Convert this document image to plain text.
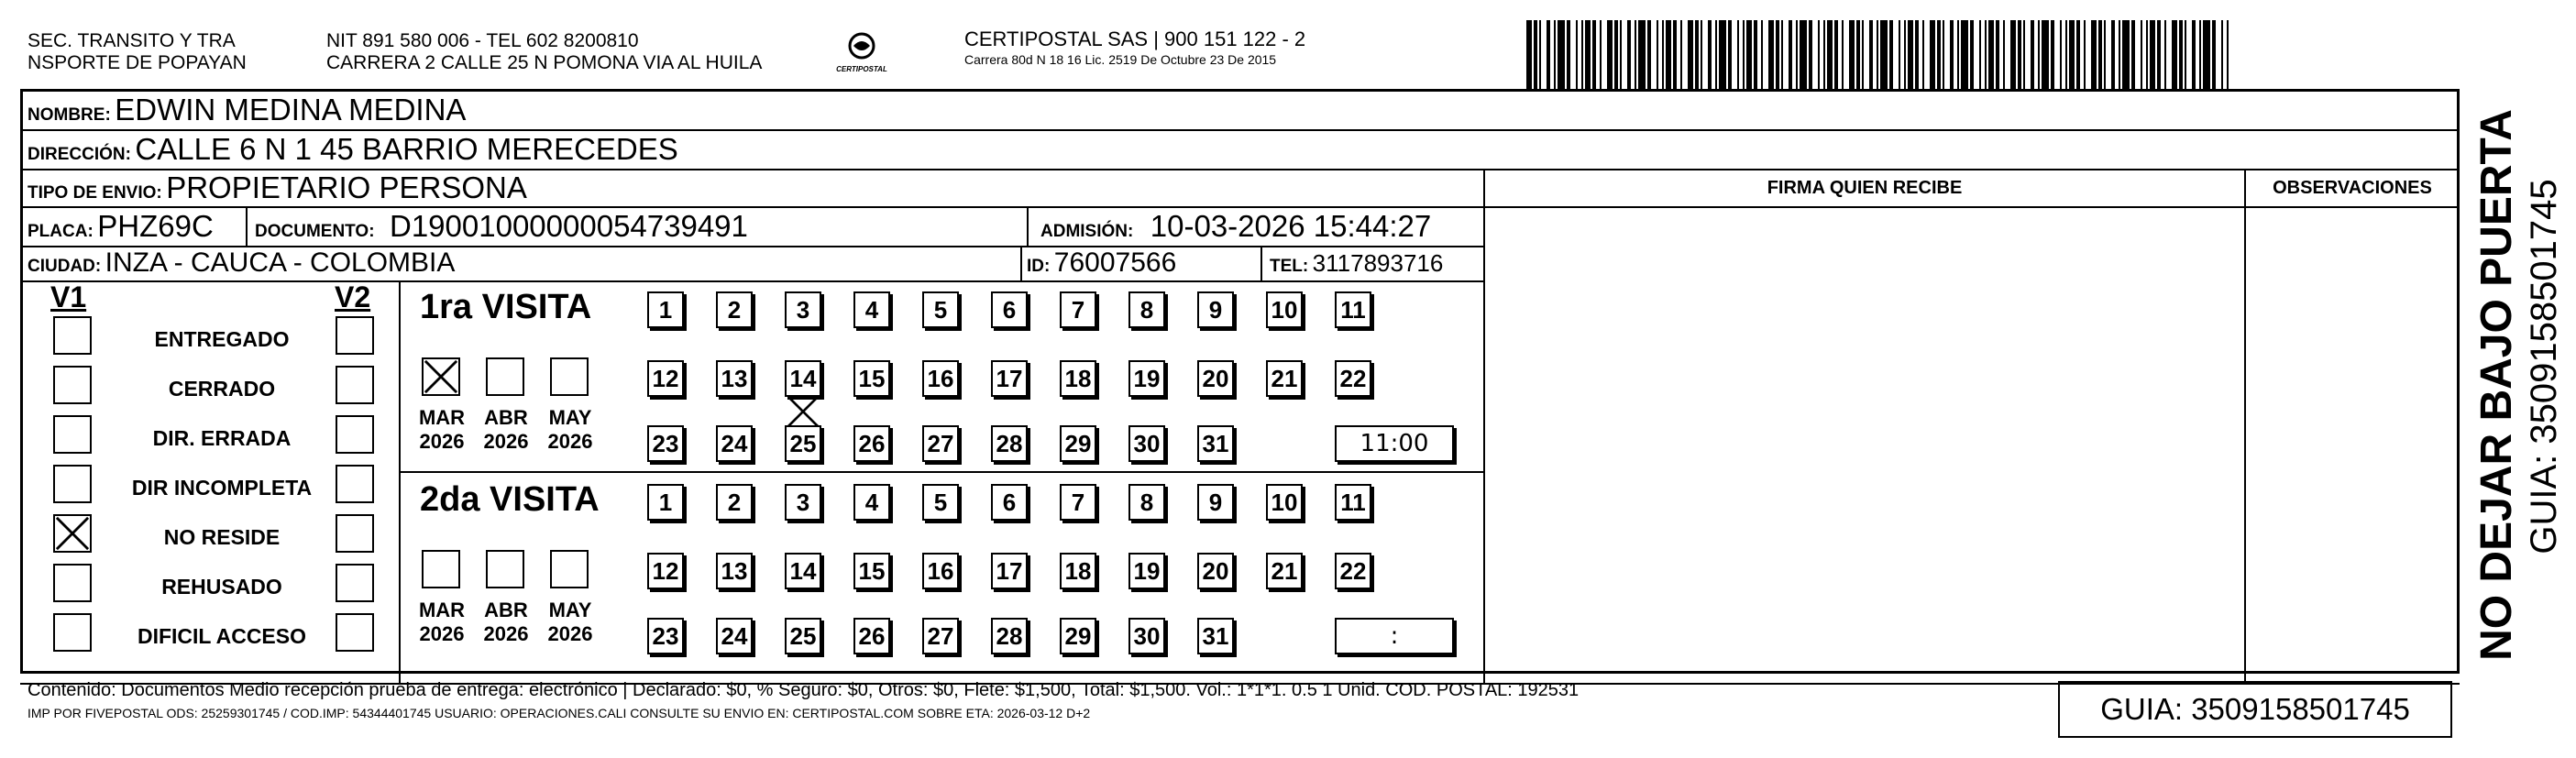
SEC. TRANSITO Y TRA
NSPORTE DE POPAYAN
NIT 891 580 006 - TEL 602 8200810
CARRERA 2 CALLE 25 N POMONA VIA AL HUILA	CERTIPOSTAL
CERTIPOSTAL SAS | 900 151 122 - 2
Carrera 80d N 18 16 Lic. 2519 De Octubre 23 De 2015
NOMBRE: EDWIN MEDINA MEDINA
DIRECCIÓN: CALLE 6 N 1 45 BARRIO MERECEDES
TIPO DE ENVIO: PROPIETARIO PERSONA
PLACA: PHZ69C DOCUMENTO: D19001000000054739491	ADMISIÓN: 10-03-2026 15:44:27
CIUDAD: INZA - CAUCA - COLOMBIA	ID: 76007566	TEL: 3117893716
FIRMA QUIEN RECIBE	OBSERVACIONES
V1	V2
ENTREGADO
CERRADO
DIR. ERRADA
DIR INCOMPLETA
NO RESIDE
REHUSADO
DIFICIL ACCESO
1ra VISITA
MAR
2026
ABR
2026
MAY
2026
1	2	3	4	5	6	7	8	9	10 11
12 13 14 15 16 17 18 19 20 21 22
23 24 25 26 27 28 29 30 31	11:00
2da VISITA
MAR
2026
ABR
2026
MAY
2026
1	2	3	4	5	6	7	8	9	10 11
12 13 14 15 16 17 18 19 20 21 22
23 24 25 26 27 28 29 30 31	:
Contenido: Documentos Medio recepción prueba de entrega: electrónico | Declarado: $0, % Seguro: $0, Otros: $0, Flete: $1,500, Total: $1,500. Vol.: 1*1*1. 0.5 1 Unid. COD. POSTAL: 192531
IMP POR FIVEPOSTAL ODS: 25259301745 / COD.IMP: 54344401745 USUARIO: OPERACIONES.CALI CONSULTE SU ENVIO EN: CERTIPOSTAL.COM SOBRE ETA: 2026-03-12 D+2	GUIA: 3509158501745
NO DEJAR BAJO PUERTA GUIA: 3509158501745
